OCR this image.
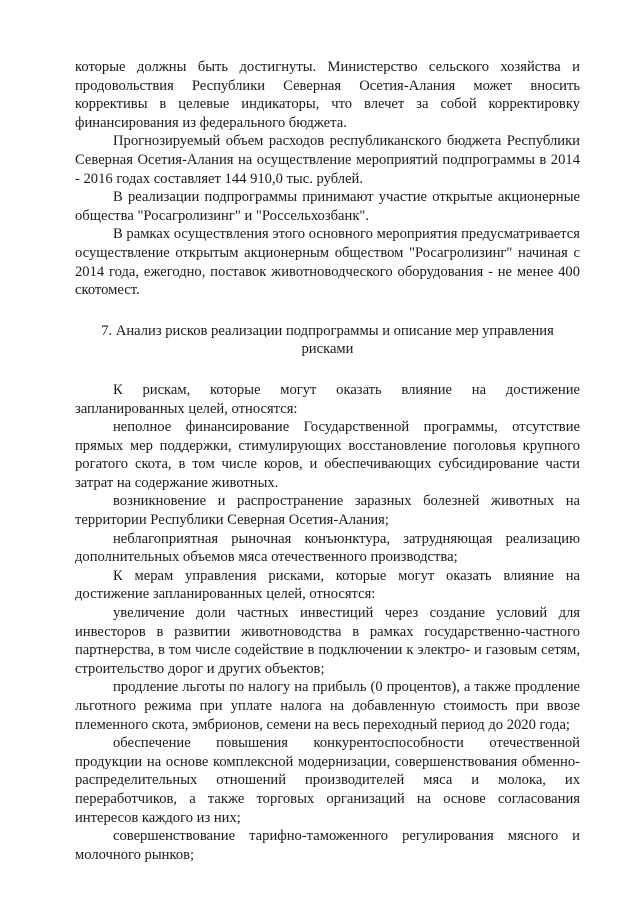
которые должны быть достигнуты. Министерство сельского хозяйства и продовольствия Республики Северная Осетия-Алания может вносить коррективы в целевые индикаторы, что влечет за собой корректировку финансирования из федерального бюджета.

Прогнозируемый объем расходов республиканского бюджета Республики Северная Осетия-Алания на осуществление мероприятий подпрограммы в 2014 - 2016 годах составляет 144 910,0 тыс. рублей.

В реализации подпрограммы принимают участие открытые акционерные общества "Росагролизинг" и "Россельхозбанк".

В рамках осуществления этого основного мероприятия предусматривается осуществление открытым акционерным обществом "Росагролизинг" начиная с 2014 года, ежегодно, поставок животноводческого оборудования - не менее 400 скотомест.

7. Анализ рисков реализации подпрограммы и описание мер управления рисками

К рискам, которые могут оказать влияние на достижение запланированных целей, относятся:

неполное финансирование Государственной программы, отсутствие прямых мер поддержки, стимулирующих восстановление поголовья крупного рогатого скота, в том числе коров, и обеспечивающих субсидирование части затрат на содержание животных.

возникновение и распространение заразных болезней животных на территории Республики Северная Осетия-Алания;

неблагоприятная рыночная конъюнктура, затрудняющая реализацию дополнительных объемов мяса отечественного производства;

К мерам управления рисками, которые могут оказать влияние на достижение запланированных целей, относятся:

увеличение доли частных инвестиций через создание условий для инвесторов в развитии животноводства в рамках государственно-частного партнерства, в том числе содействие в подключении к электро- и газовым сетям, строительство дорог и других объектов;

продление льготы по налогу на прибыль (0 процентов), а также продление льготного режима при уплате налога на добавленную стоимость при ввозе племенного скота, эмбрионов, семени на весь переходный период до 2020 года;

обеспечение повышения конкурентоспособности отечественной продукции на основе комплексной модернизации, совершенствования обменно-распределительных отношений производителей мяса и молока, их переработчиков, а также торговых организаций на основе согласования интересов каждого из них;

совершенствование тарифно-таможенного регулирования мясного и молочного рынков;
